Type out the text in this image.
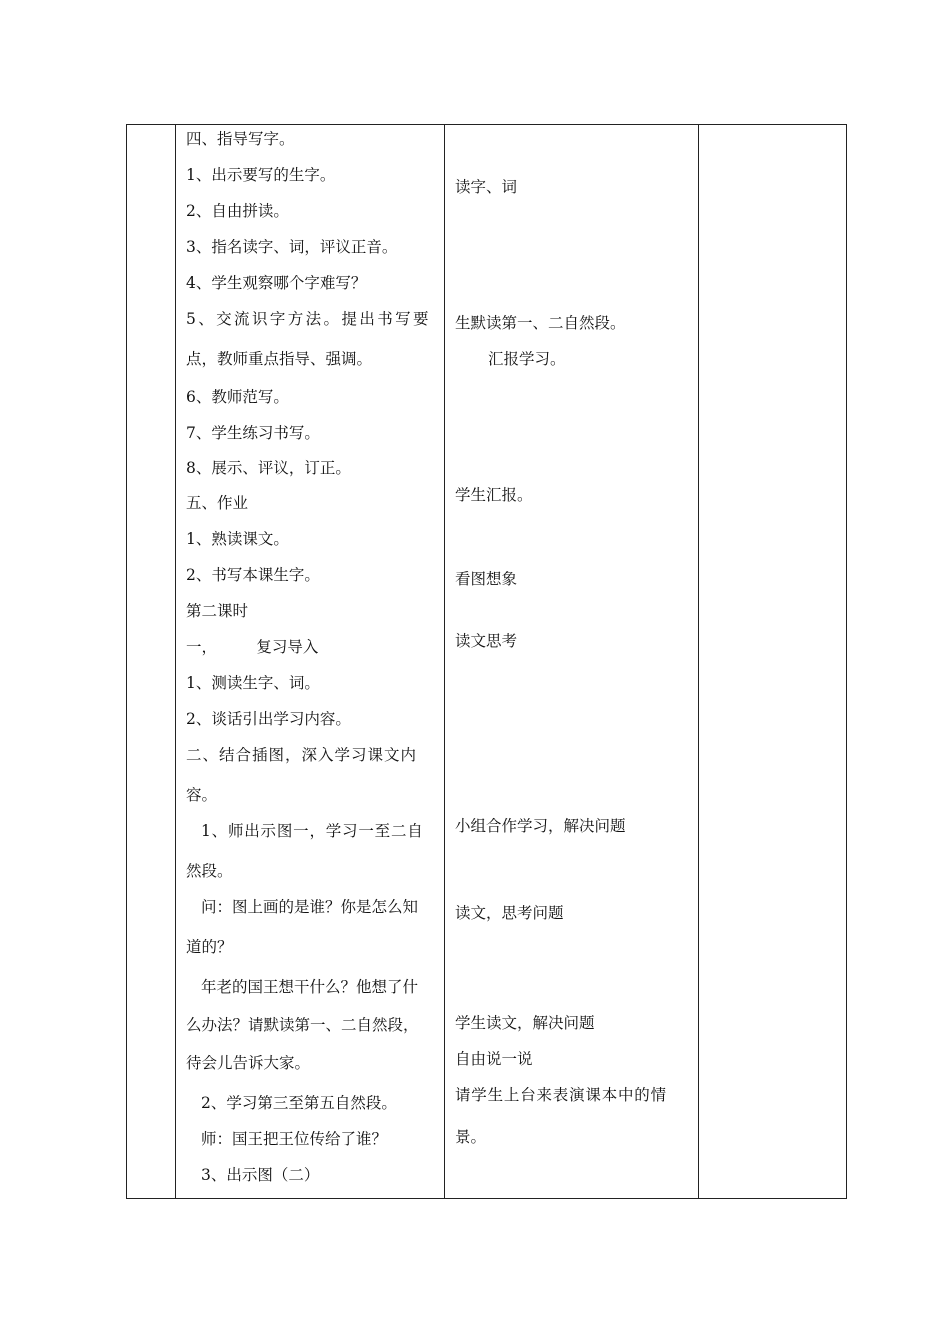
四、指导写字。
1、出示要写的生字。
2、自由拼读。
3、指名读字、词，评议正音。
4、学生观察哪个字难写？
5、交流识字方法。提出书写要
点，教师重点指导、强调。
6、教师范写。
7、学生练习书写。
8、展示、评议，订正。
五、作业
1、熟读课文。
2、书写本课生字。
第二课时
一，        复习导入
1、测读生字、词。
2、谈话引出学习内容。
二、结合插图，深入学习课文内
容。
1、师出示图一，学习一至二自
然段。
问：图上画的是谁？你是怎么知
道的？
年老的国王想干什么？他想了什
么办法？请默读第一、二自然段，
待会儿告诉大家。
2、学习第三至第五自然段。
师：国王把王位传给了谁？
3、出示图（二）
读字、词
生默读第一、二自然段。
汇报学习。
学生汇报。
看图想象
读文思考
小组合作学习，解决问题
读文，思考问题
学生读文，解决问题
自由说一说
请学生上台来表演课本中的情
景。
